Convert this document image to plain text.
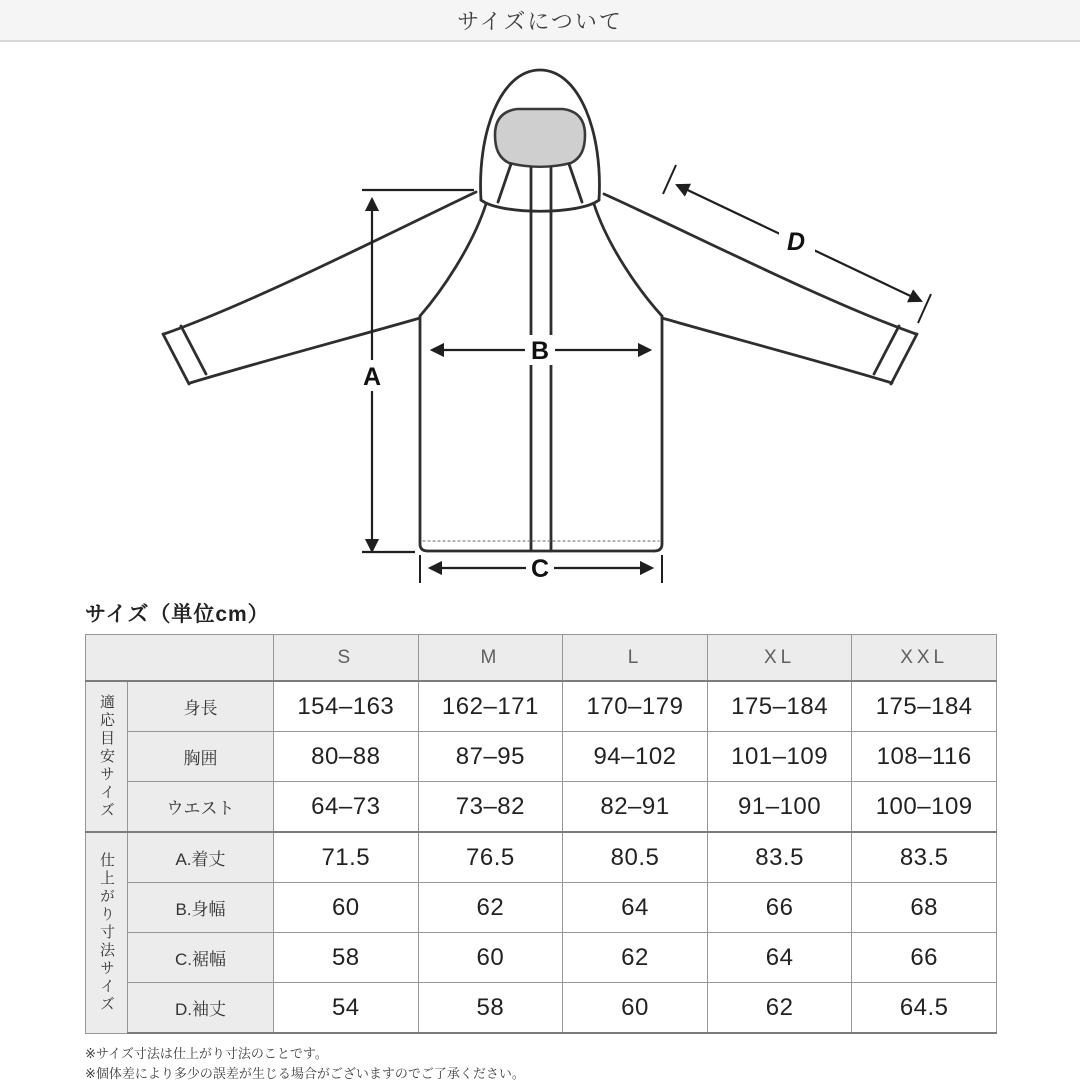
サイズについて
A
B
C
D
サイズ（単位cm）
		S	M	L	XL	XXL
適応目安サイズ	身長	154–163	162–171	170–179	175–184	175–184
	胸囲	80–88	87–95	94–102	101–109	108–116
	ウエスト	64–73	73–82	82–91	91–100	100–109
仕上がり寸法サイズ	A.着丈	71.5	76.5	80.5	83.5	83.5
	B.身幅	60	62	64	66	68
	C.裾幅	58	60	62	64	66
	D.袖丈	54	58	60	62	64.5
※サイズ寸法は仕上がり寸法のことです。
※個体差により多少の誤差が生じる場合がございますのでご了承ください。
